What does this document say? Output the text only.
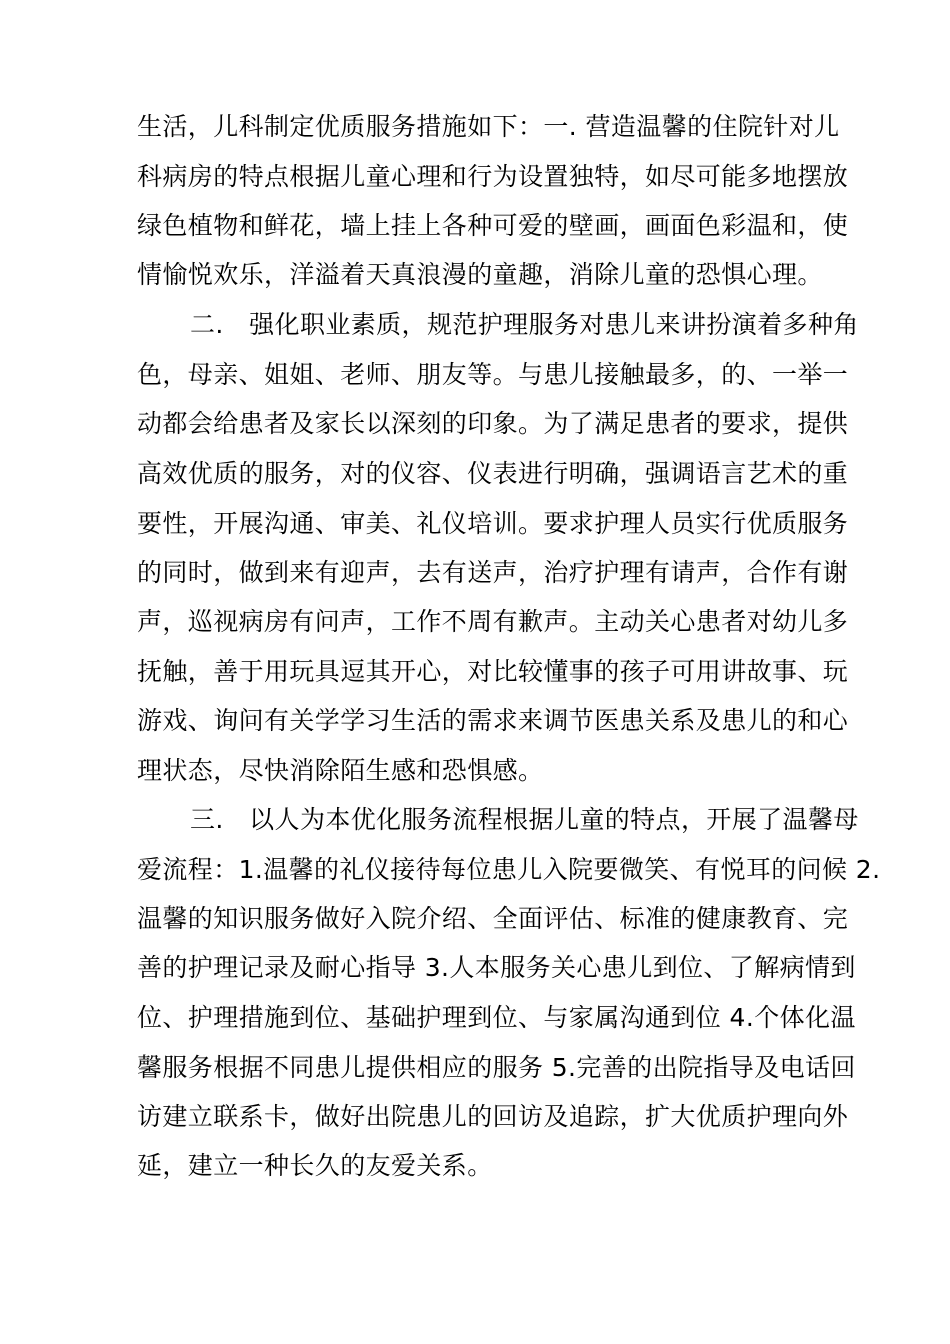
生活，儿科制定优质服务措施如下：一. 营造温馨的住院针对儿
科病房的特点根据儿童心理和行为设置独特，如尽可能多地摆放
绿色植物和鲜花，墙上挂上各种可爱的壁画，画面色彩温和，使
情愉悦欢乐，洋溢着天真浪漫的童趣，消除儿童的恐惧心理。
二.　强化职业素质，规范护理服务对患儿来讲扮演着多种角
色，母亲、姐姐、老师、朋友等。与患儿接触最多，的、一举一
动都会给患者及家长以深刻的印象。为了满足患者的要求，提供
高效优质的服务，对的仪容、仪表进行明确，强调语言艺术的重
要性，开展沟通、审美、礼仪培训。要求护理人员实行优质服务
的同时，做到来有迎声，去有送声，治疗护理有请声，合作有谢
声，巡视病房有问声，工作不周有歉声。主动关心患者对幼儿多
抚触，善于用玩具逗其开心，对比较懂事的孩子可用讲故事、玩
游戏、询问有关学学习生活的需求来调节医患关系及患儿的和心
理状态，尽快消除陌生感和恐惧感。
三.　以人为本优化服务流程根据儿童的特点，开展了温馨母
爱流程：1.温馨的礼仪接待每位患儿入院要微笑、有悦耳的问候 2.
温馨的知识服务做好入院介绍、全面评估、标准的健康教育、完
善的护理记录及耐心指导 3.人本服务关心患儿到位、了解病情到
位、护理措施到位、基础护理到位、与家属沟通到位 4.个体化温
馨服务根据不同患儿提供相应的服务 5.完善的出院指导及电话回
访建立联系卡，做好出院患儿的回访及追踪，扩大优质护理向外
延，建立一种长久的友爱关系。
